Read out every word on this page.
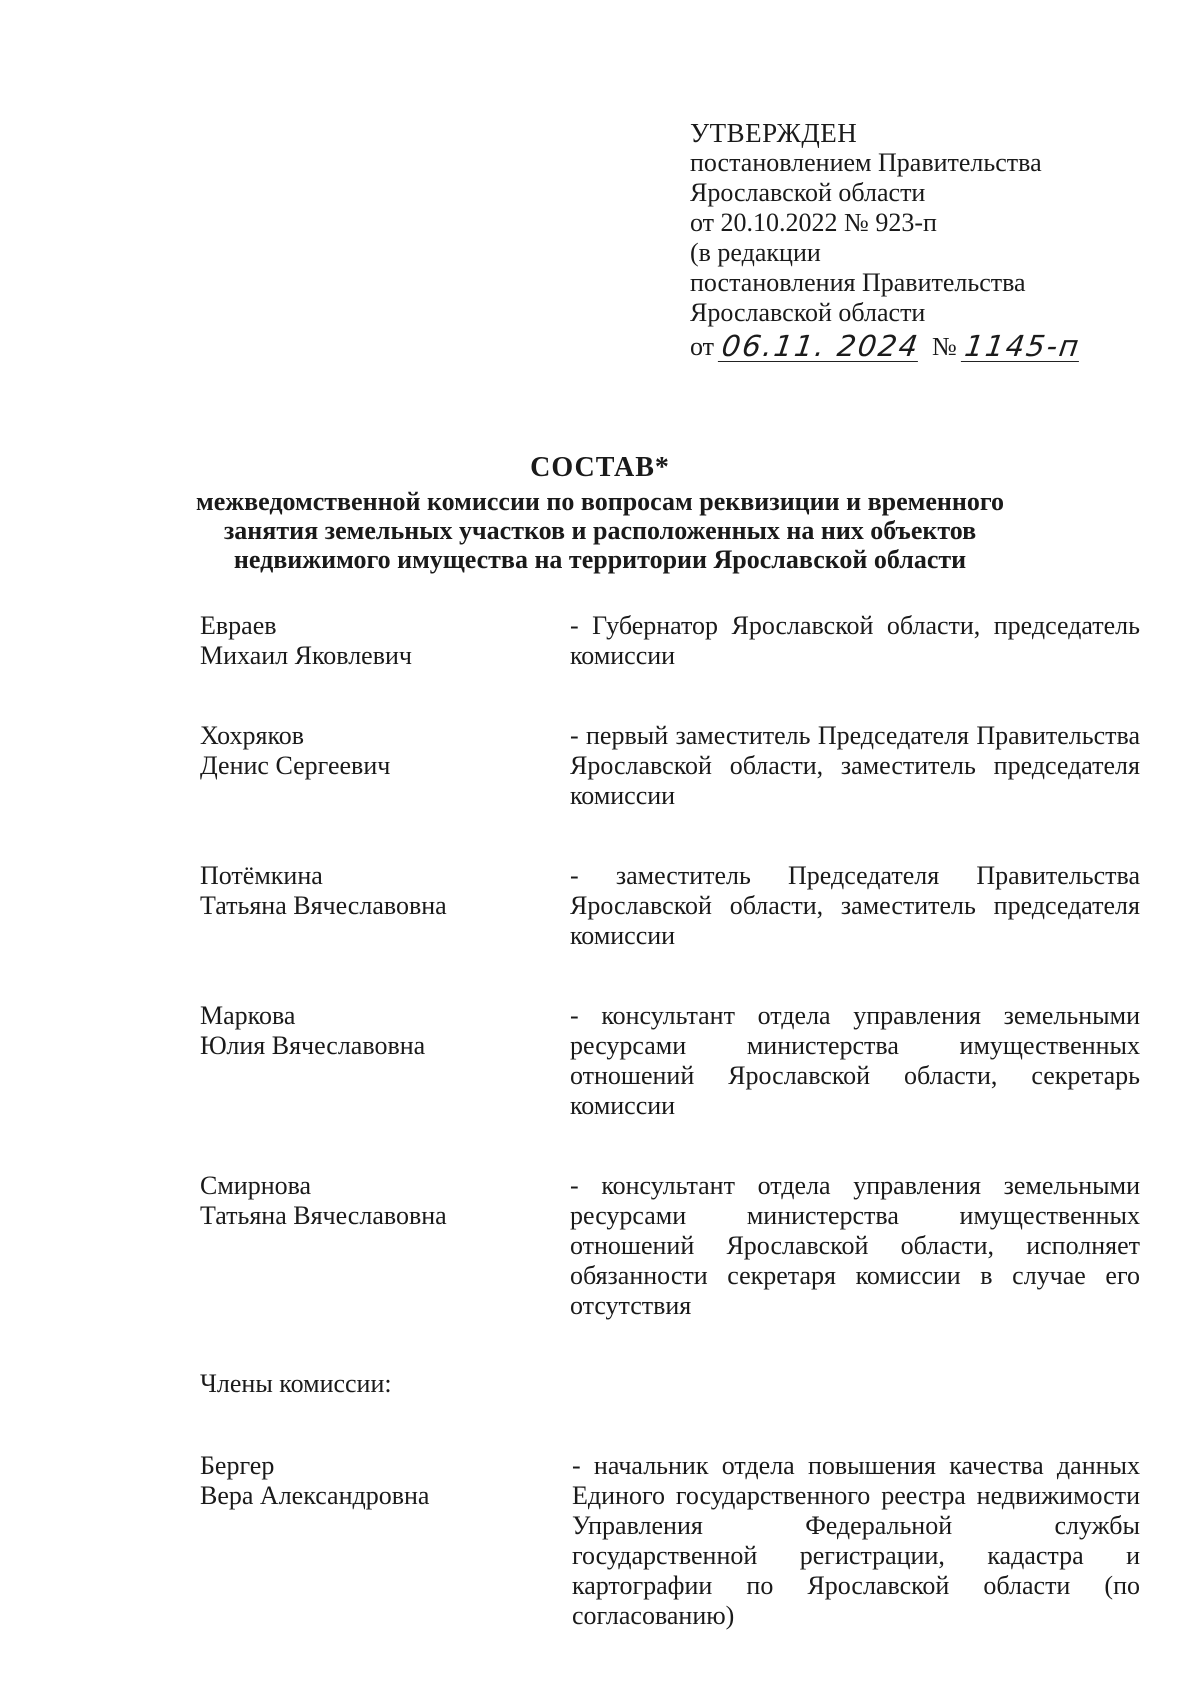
УТВЕРЖДЕН
постановлением Правительства
Ярославской области
от 20.10.2022 № 923-п
(в редакции
постановления Правительства
Ярославской области
от 06.11. 2024 № 1145-п
СОСТАВ*
межведомственной комиссии по вопросам реквизиции и временного занятия земельных участков и расположенных на них объектов недвижимого имущества на территории Ярославской области
Евраев
Михаил Яковлевич
- Губернатор Ярославской области, председатель комиссии
Хохряков
Денис Сергеевич
- первый заместитель Председателя Правительства Ярославской области, заместитель председателя комиссии
Потёмкина
Татьяна Вячеславовна
- заместитель Председателя Правительства Ярославской области, заместитель председателя комиссии
Маркова
Юлия Вячеславовна
- консультант отдела управления земельными ресурсами министерства имущественных отношений Ярославской области, секретарь комиссии
Смирнова
Татьяна Вячеславовна
- консультант отдела управления земельными ресурсами министерства имущественных отношений Ярославской области, исполняет обязанности секретаря комиссии в случае его отсутствия
Члены комиссии:
Бергер
Вера Александровна
- начальник отдела повышения качества данных Единого государственного реестра недвижимости Управления Федеральной службы государственной регистрации, кадастра и картографии по Ярославской области (по согласованию)
